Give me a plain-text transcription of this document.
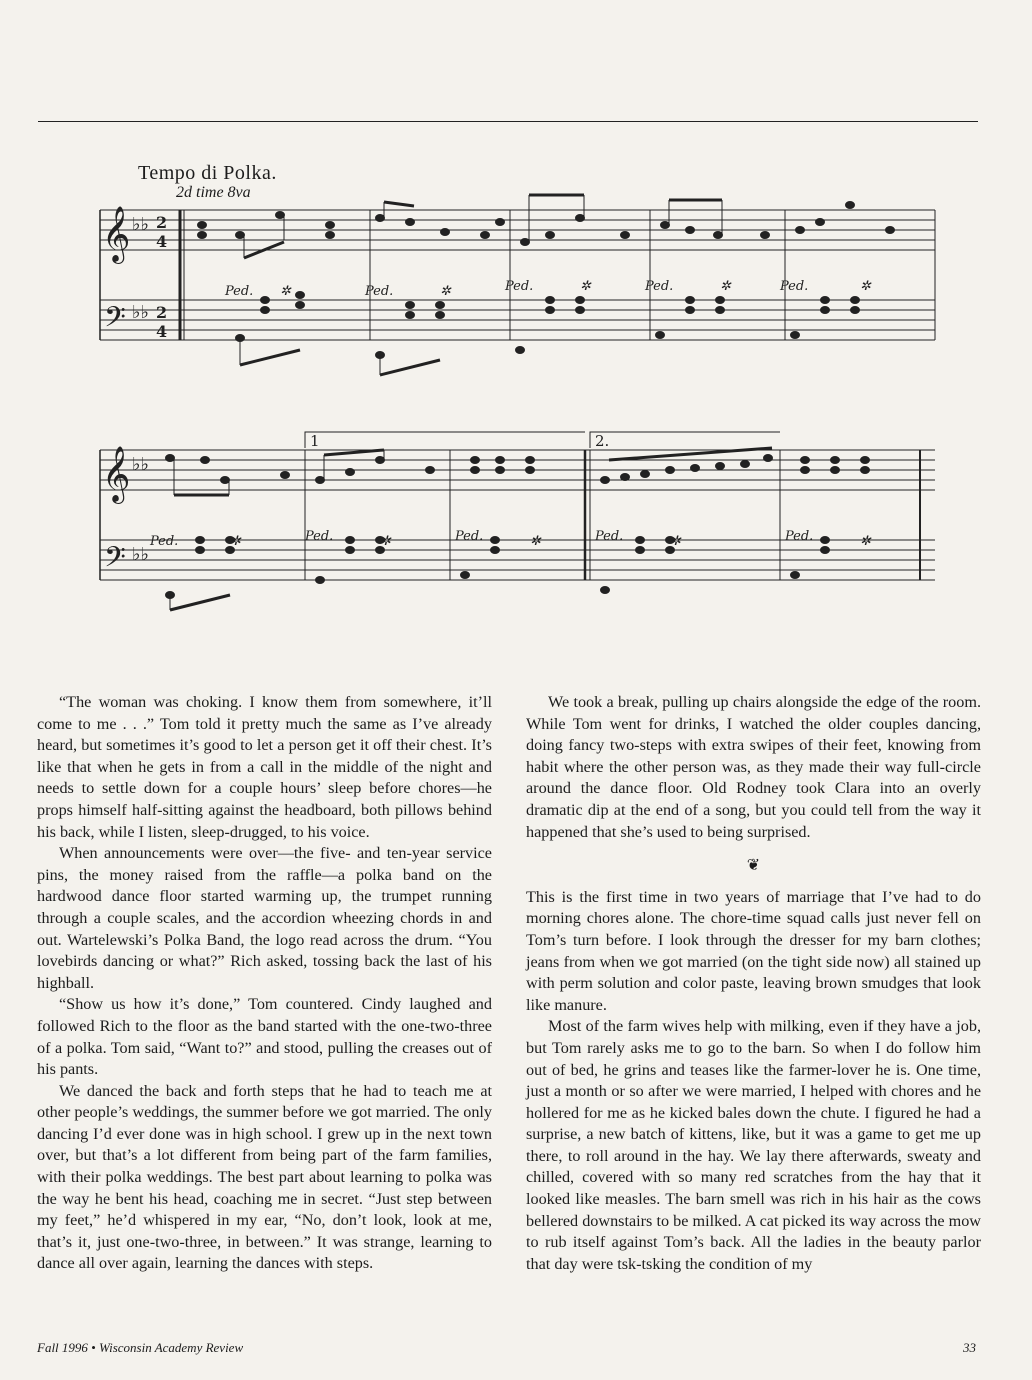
𝄞
𝄢
𝄞
𝄢
♭♭ 2
4
♭♭ 2
4
♭♭
♭♭
Ped. ✲	Ped.	✲	Ped.	✲	Ped.	✲	Ped.	✲
Ped.	✲	Ped.	✲	Ped.	✲	Ped.	✲	Ped.	✲
1	2.
Tempo di Polka.
2d time 8va

“The woman was choking. I know them from somewhere, it’ll come to me . . .” Tom told it pretty much the same as I’ve already heard, but sometimes it’s good to let a person get it off their chest. It’s like that when he gets in from a call in the middle of the night and needs to settle down for a couple hours’ sleep before chores—he props himself half-sitting against the headboard, both pillows behind his back, while I listen, sleep-drugged, to his voice.

When announcements were over—the five- and ten-year service pins, the money raised from the raffle—a polka band on the hardwood dance floor started warming up, the trumpet running through a couple scales, and the accordion wheezing chords in and out. Wartelewski’s Polka Band, the logo read across the drum. “You lovebirds dancing or what?” Rich asked, tossing back the last of his highball.

“Show us how it’s done,” Tom countered. Cindy laughed and followed Rich to the floor as the band started with the one-two-three of a polka. Tom said, “Want to?” and stood, pulling the creases out of his pants.

We danced the back and forth steps that he had to teach me at other people’s weddings, the summer before we got married. The only dancing I’d ever done was in high school. I grew up in the next town over, but that’s a lot different from being part of the farm families, with their polka weddings. The best part about learning to polka was the way he bent his head, coaching me in secret. “Just step between my feet,” he’d whispered in my ear, “No, don’t look, look at me, that’s it, just one-two-three, in between.” It was strange, learning to dance all over again, learning the dances with steps.

We took a break, pulling up chairs alongside the edge of the room. While Tom went for drinks, I watched the older couples dancing, doing fancy two-steps with extra swipes of their feet, knowing from habit where the other person was, as they made their way full-circle around the dance floor. Old Rodney took Clara into an overly dramatic dip at the end of a song, but you could tell from the way it happened that she’s used to being surprised.

❦

This is the first time in two years of marriage that I’ve had to do morning chores alone. The chore-time squad calls just never fell on Tom’s turn before. I look through the dresser for my barn clothes; jeans from when we got married (on the tight side now) all stained up with perm solution and color paste, leaving brown smudges that look like manure.

Most of the farm wives help with milking, even if they have a job, but Tom rarely asks me to go to the barn. So when I do follow him out of bed, he grins and teases like the farmer-lover he is. One time, just a month or so after we were married, I helped with chores and he hollered for me as he kicked bales down the chute. I figured he had a surprise, a new batch of kittens, like, but it was a game to get me up there, to roll around in the hay. We lay there afterwards, sweaty and chilled, covered with so many red scratches from the hay that it looked like measles. The barn smell was rich in his hair as the cows bellered downstairs to be milked. A cat picked its way across the mow to rub itself against Tom’s back. All the ladies in the beauty parlor that day were tsk-tsking the condition of my

Fall 1996 • Wisconsin Academy Review	33
